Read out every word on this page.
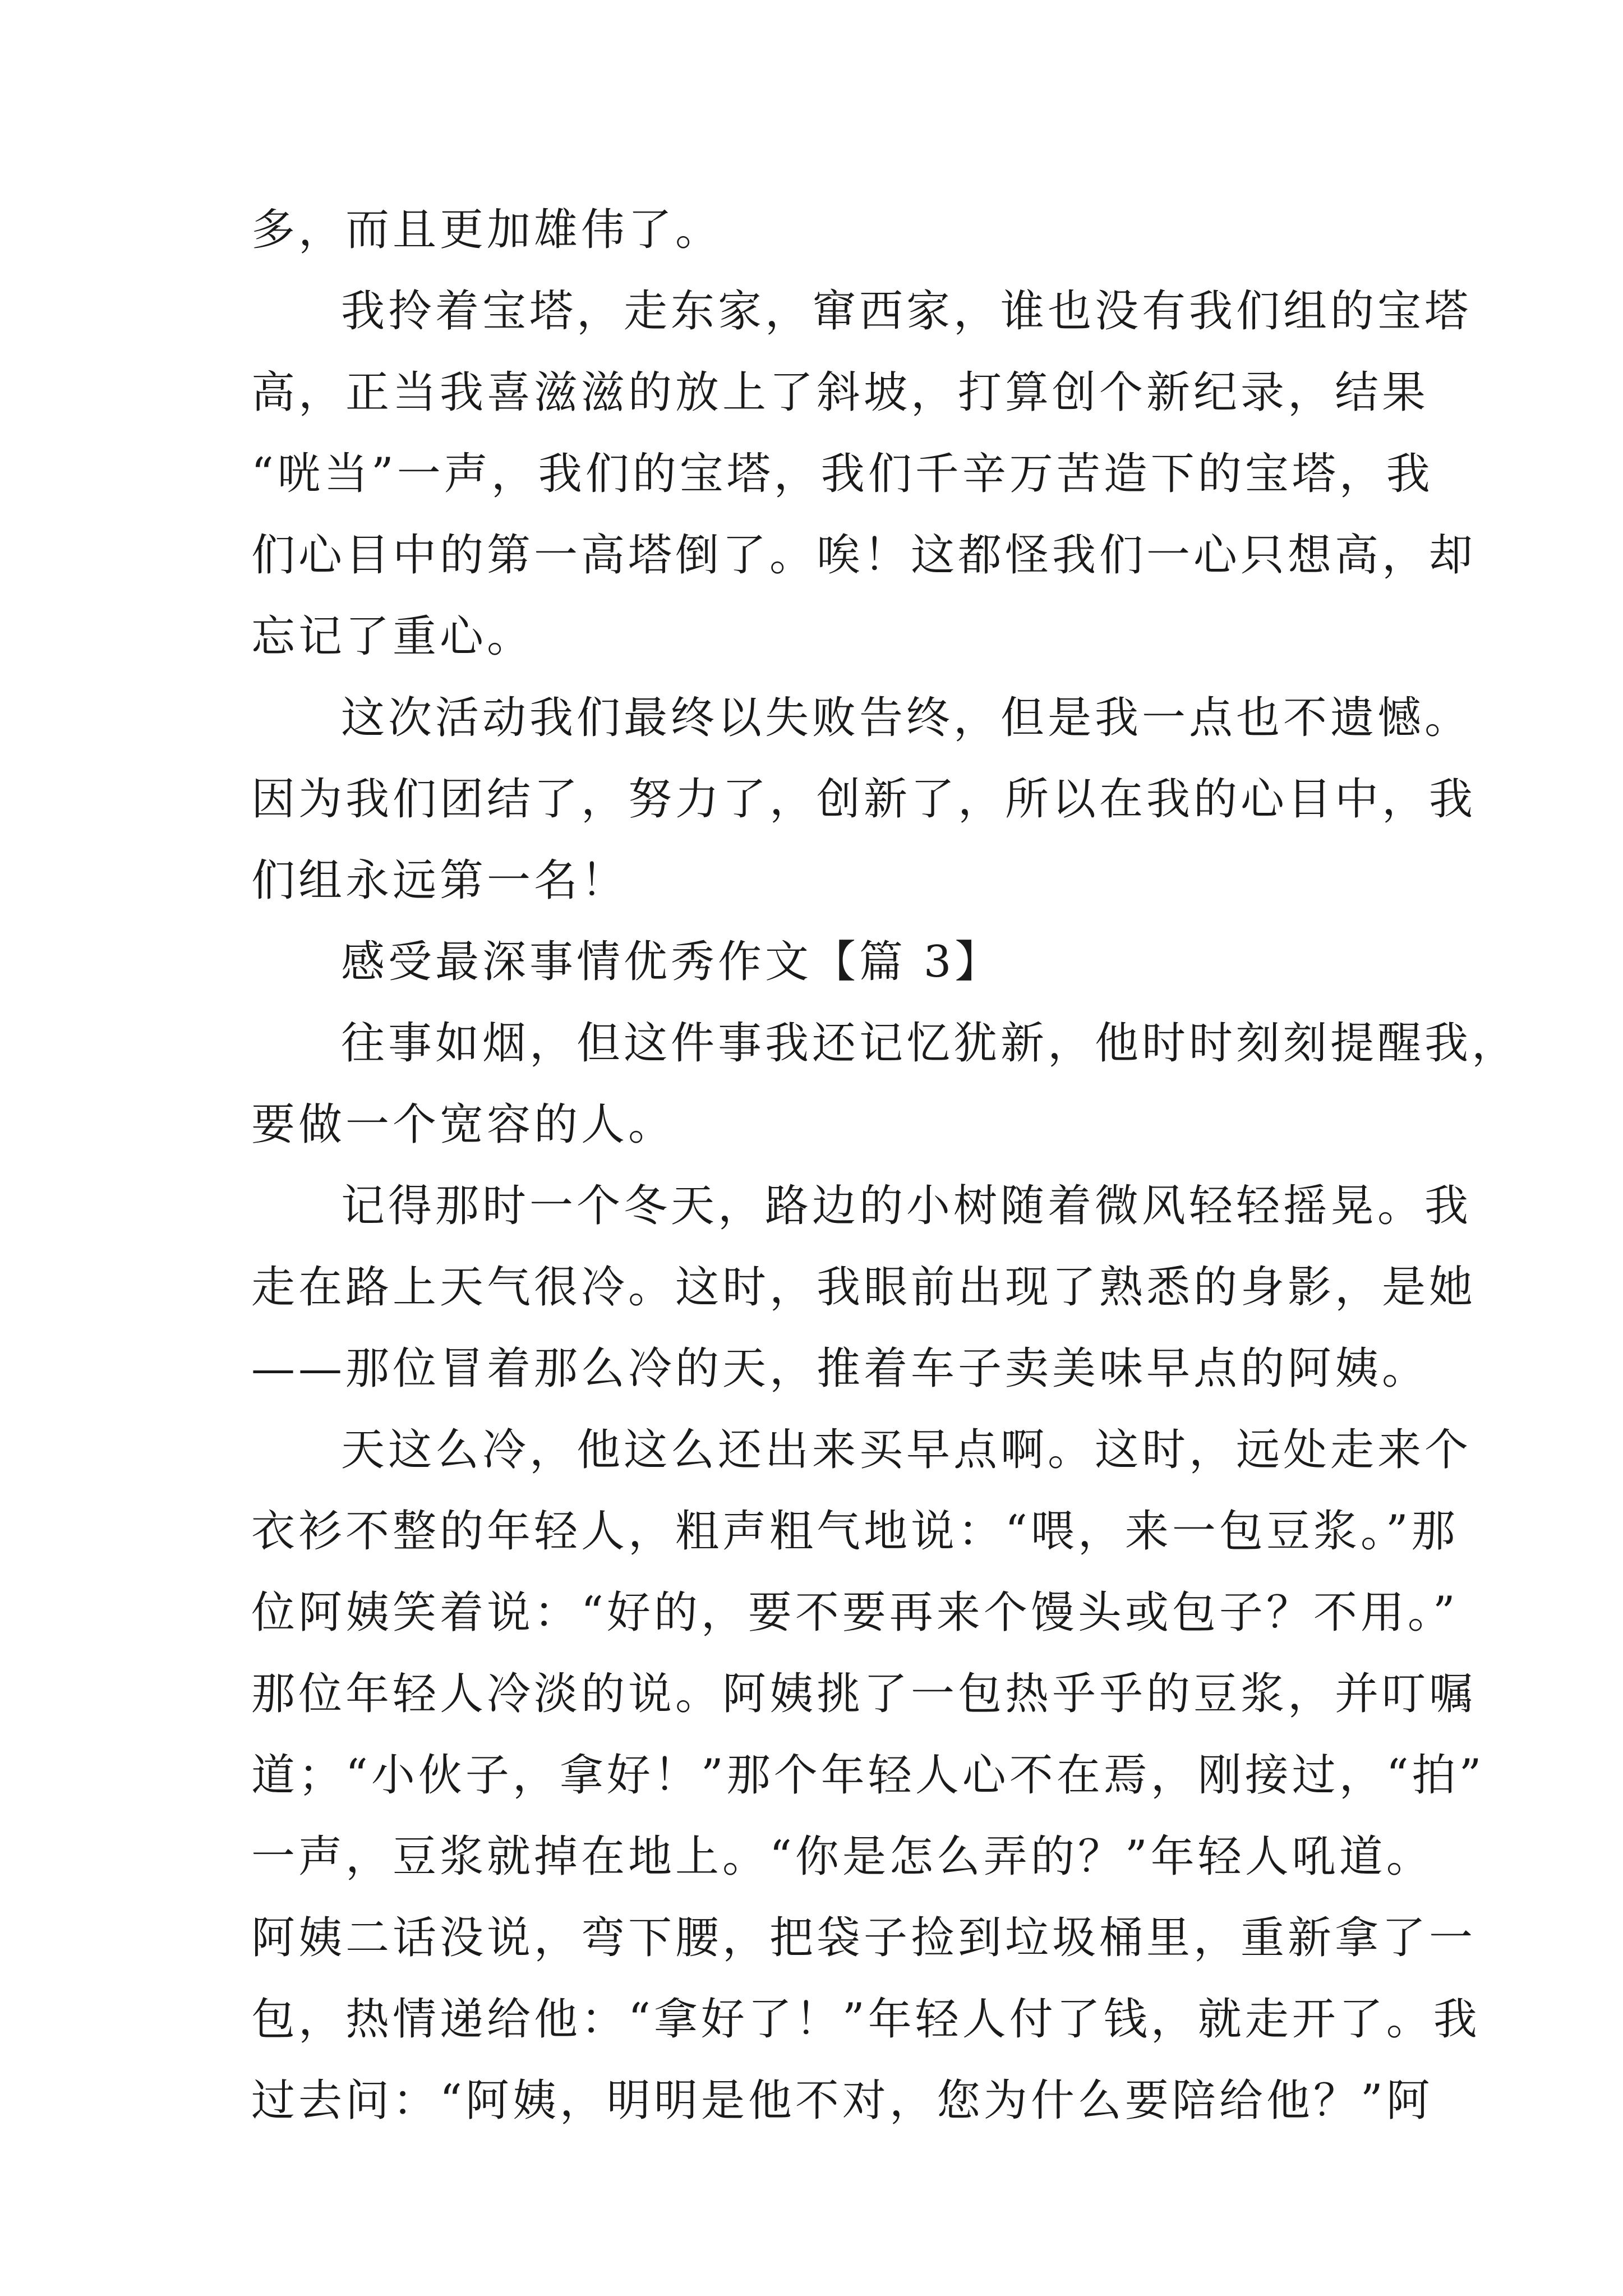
多，而且更加雄伟了。
我拎着宝塔，走东家，窜西家，谁也没有我们组的宝塔
高，正当我喜滋滋的放上了斜坡，打算创个新纪录，结果
“咣当”一声，我们的宝塔，我们千辛万苦造下的宝塔，我
们心目中的第一高塔倒了。唉！这都怪我们一心只想高，却
忘记了重心。
这次活动我们最终以失败告终，但是我一点也不遗憾。
因为我们团结了，努力了，创新了，所以在我的心目中，我
们组永远第一名！
感受最深事情优秀作文【篇 3】
往事如烟，但这件事我还记忆犹新，他时时刻刻提醒我，
要做一个宽容的人。
记得那时一个冬天，路边的小树随着微风轻轻摇晃。我
走在路上天气很冷。这时，我眼前出现了熟悉的身影，是她
——那位冒着那么冷的天，推着车子卖美味早点的阿姨。
天这么冷，他这么还出来买早点啊。这时，远处走来个
衣衫不整的年轻人，粗声粗气地说：“喂，来一包豆浆。”那
位阿姨笑着说：“好的，要不要再来个馒头或包子？不用。”
那位年轻人冷淡的说。阿姨挑了一包热乎乎的豆浆，并叮嘱
道；“小伙子，拿好！”那个年轻人心不在焉，刚接过，“拍”
一声，豆浆就掉在地上。“你是怎么弄的？”年轻人吼道。
阿姨二话没说，弯下腰，把袋子捡到垃圾桶里，重新拿了一
包，热情递给他：“拿好了！”年轻人付了钱，就走开了。我
过去问：“阿姨，明明是他不对，您为什么要陪给他？”阿
